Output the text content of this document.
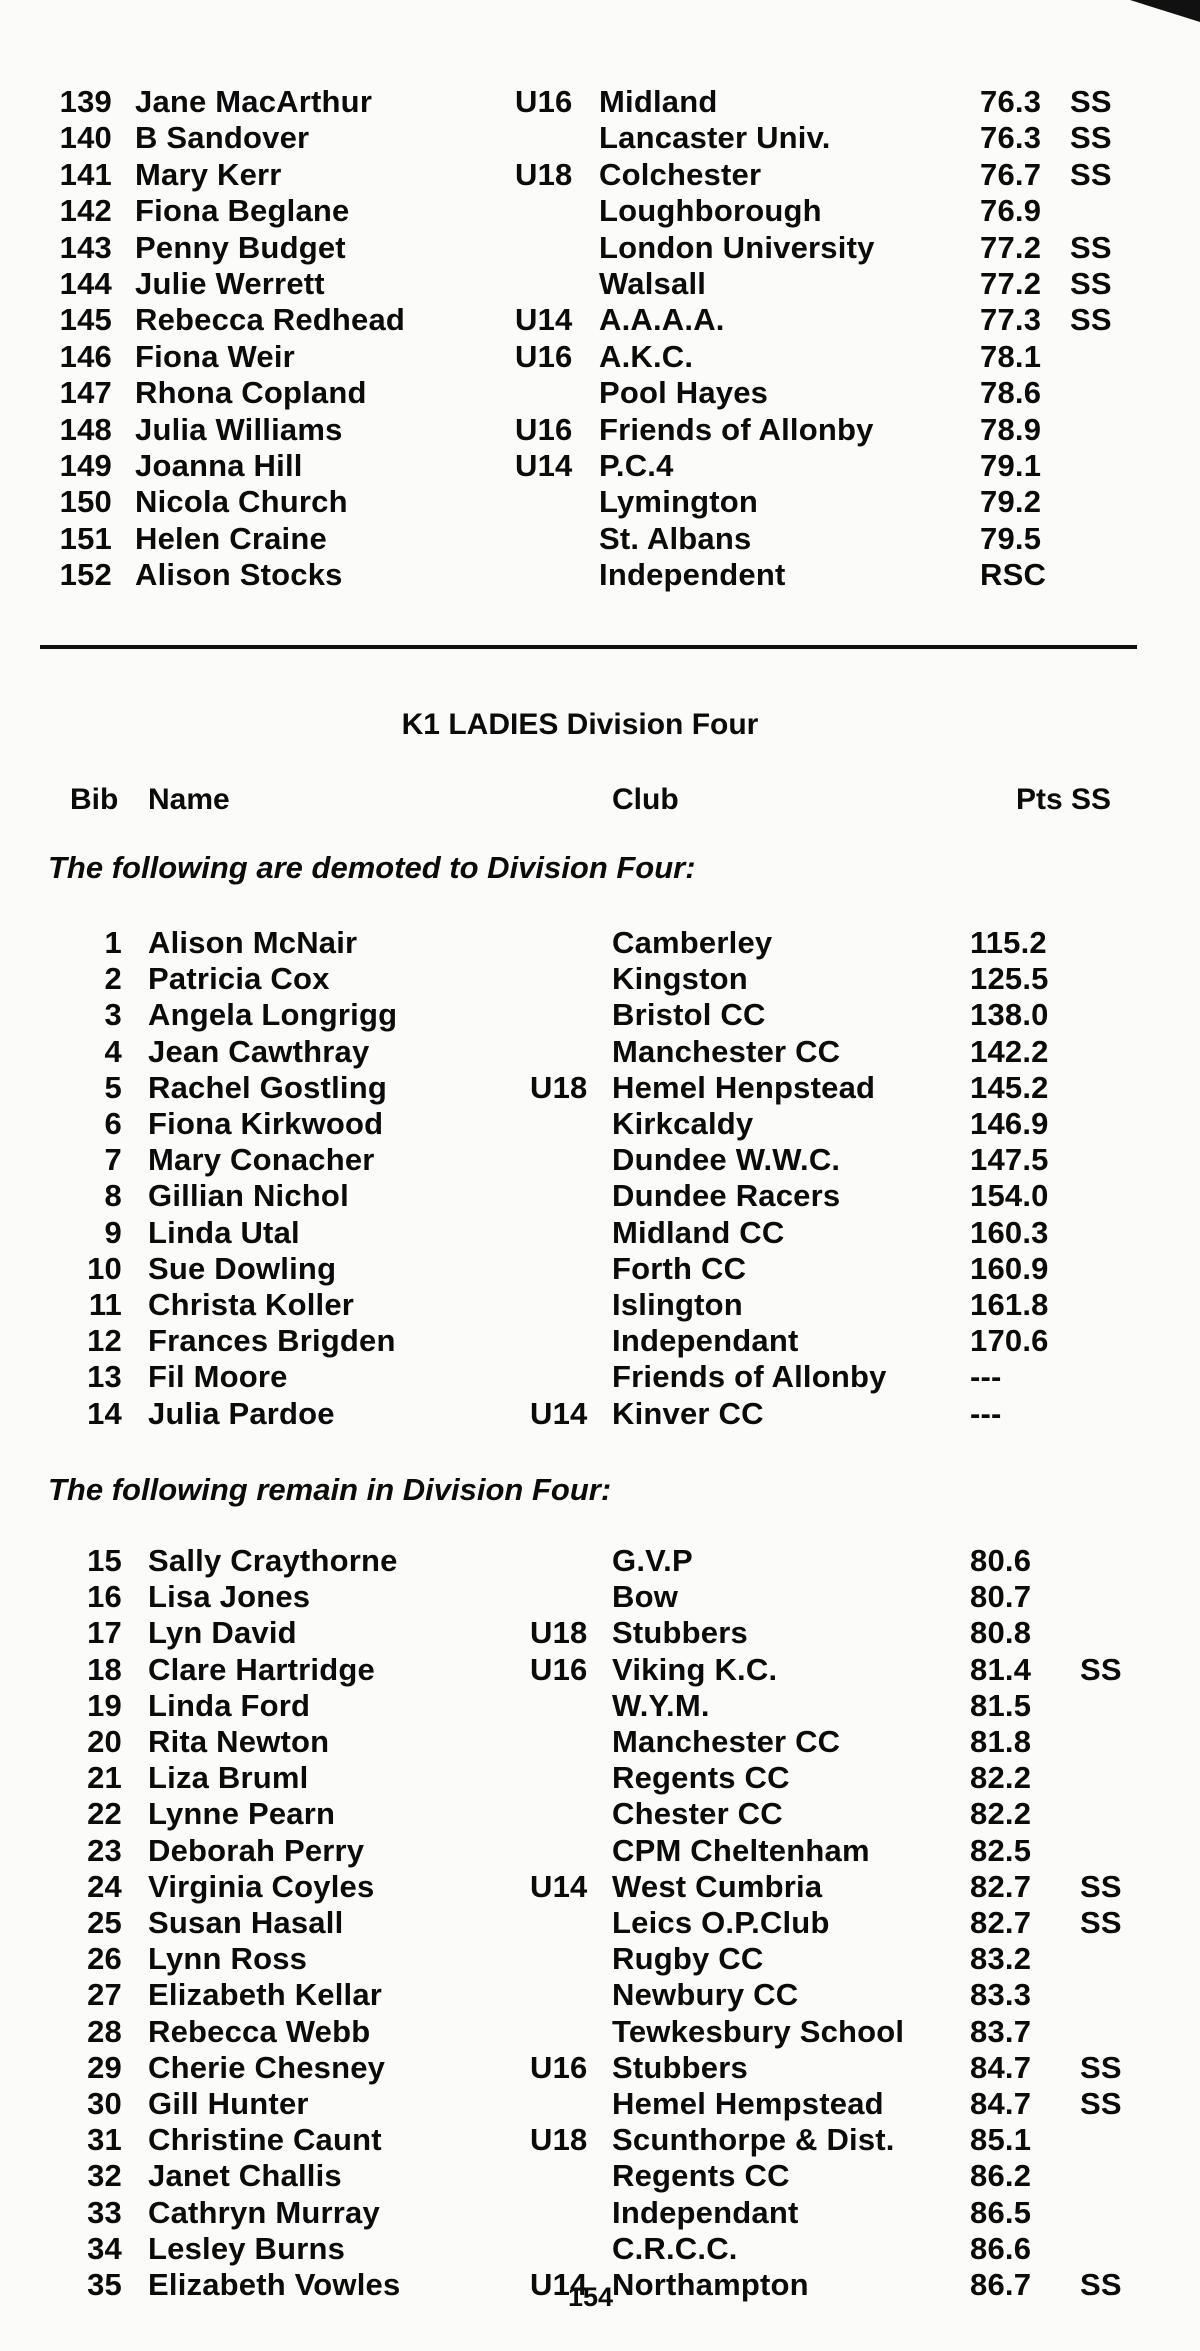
139 Jane MacArthur	U16 Midland	76.3 SS
140 B Sandover	Lancaster Univ.	76.3 SS
141 Mary Kerr	U18 Colchester	76.7 SS
142 Fiona Beglane	Loughborough	76.9
143 Penny Budget	London University	77.2 SS
144 Julie Werrett	Walsall	77.2 SS
145 Rebecca Redhead	U14 A.A.A.A.	77.3 SS
146 Fiona Weir	U16 A.K.C.	78.1
147 Rhona Copland	Pool Hayes	78.6
148 Julia Williams	U16 Friends of Allonby	78.9
149 Joanna Hill	U14 P.C.4	79.1
150 Nicola Church	Lymington	79.2
151 Helen Craine	St. Albans	79.5
152 Alison Stocks	Independent	RSC
K1 LADIES Division Four
Bib Name	Club	Pts SS
The following are demoted to Division Four:
1 Alison McNair	Camberley	115.2
2 Patricia Cox	Kingston	125.5
3 Angela Longrigg	Bristol CC	138.0
4 Jean Cawthray	Manchester CC	142.2
5 Rachel Gostling	U18 Hemel Henpstead	145.2
6 Fiona Kirkwood	Kirkcaldy	146.9
7 Mary Conacher	Dundee W.W.C.	147.5
8 Gillian Nichol	Dundee Racers	154.0
9 Linda Utal	Midland CC	160.3
10 Sue Dowling	Forth CC	160.9
11 Christa Koller	Islington	161.8
12 Frances Brigden	Independant	170.6
13 Fil Moore	Friends of Allonby	---
14 Julia Pardoe	U14 Kinver CC	---
The following remain in Division Four:
15 Sally Craythorne	G.V.P	80.6
16 Lisa Jones	Bow	80.7
17 Lyn David	U18 Stubbers	80.8
18 Clare Hartridge	U16 Viking K.C.	81.4 SS
19 Linda Ford	W.Y.M.	81.5
20 Rita Newton	Manchester CC	81.8
21 Liza Bruml	Regents CC	82.2
22 Lynne Pearn	Chester CC	82.2
23 Deborah Perry	CPM Cheltenham	82.5
24 Virginia Coyles	U14 West Cumbria	82.7 SS
25 Susan Hasall	Leics O.P.Club	82.7 SS
26 Lynn Ross	Rugby CC	83.2
27 Elizabeth Kellar	Newbury CC	83.3
28 Rebecca Webb	Tewkesbury School 83.7
29 Cherie Chesney	U16 Stubbers	84.7 SS
30 Gill Hunter	Hemel Hempstead	84.7 SS
31 Christine Caunt	U18 Scunthorpe & Dist. 85.1
32 Janet Challis	Regents CC	86.2
33 Cathryn Murray	Independant	86.5
34 Lesley Burns	C.R.C.C.	86.6
35 Elizabeth Vowles	U14 Northampton	86.7 SS
154
